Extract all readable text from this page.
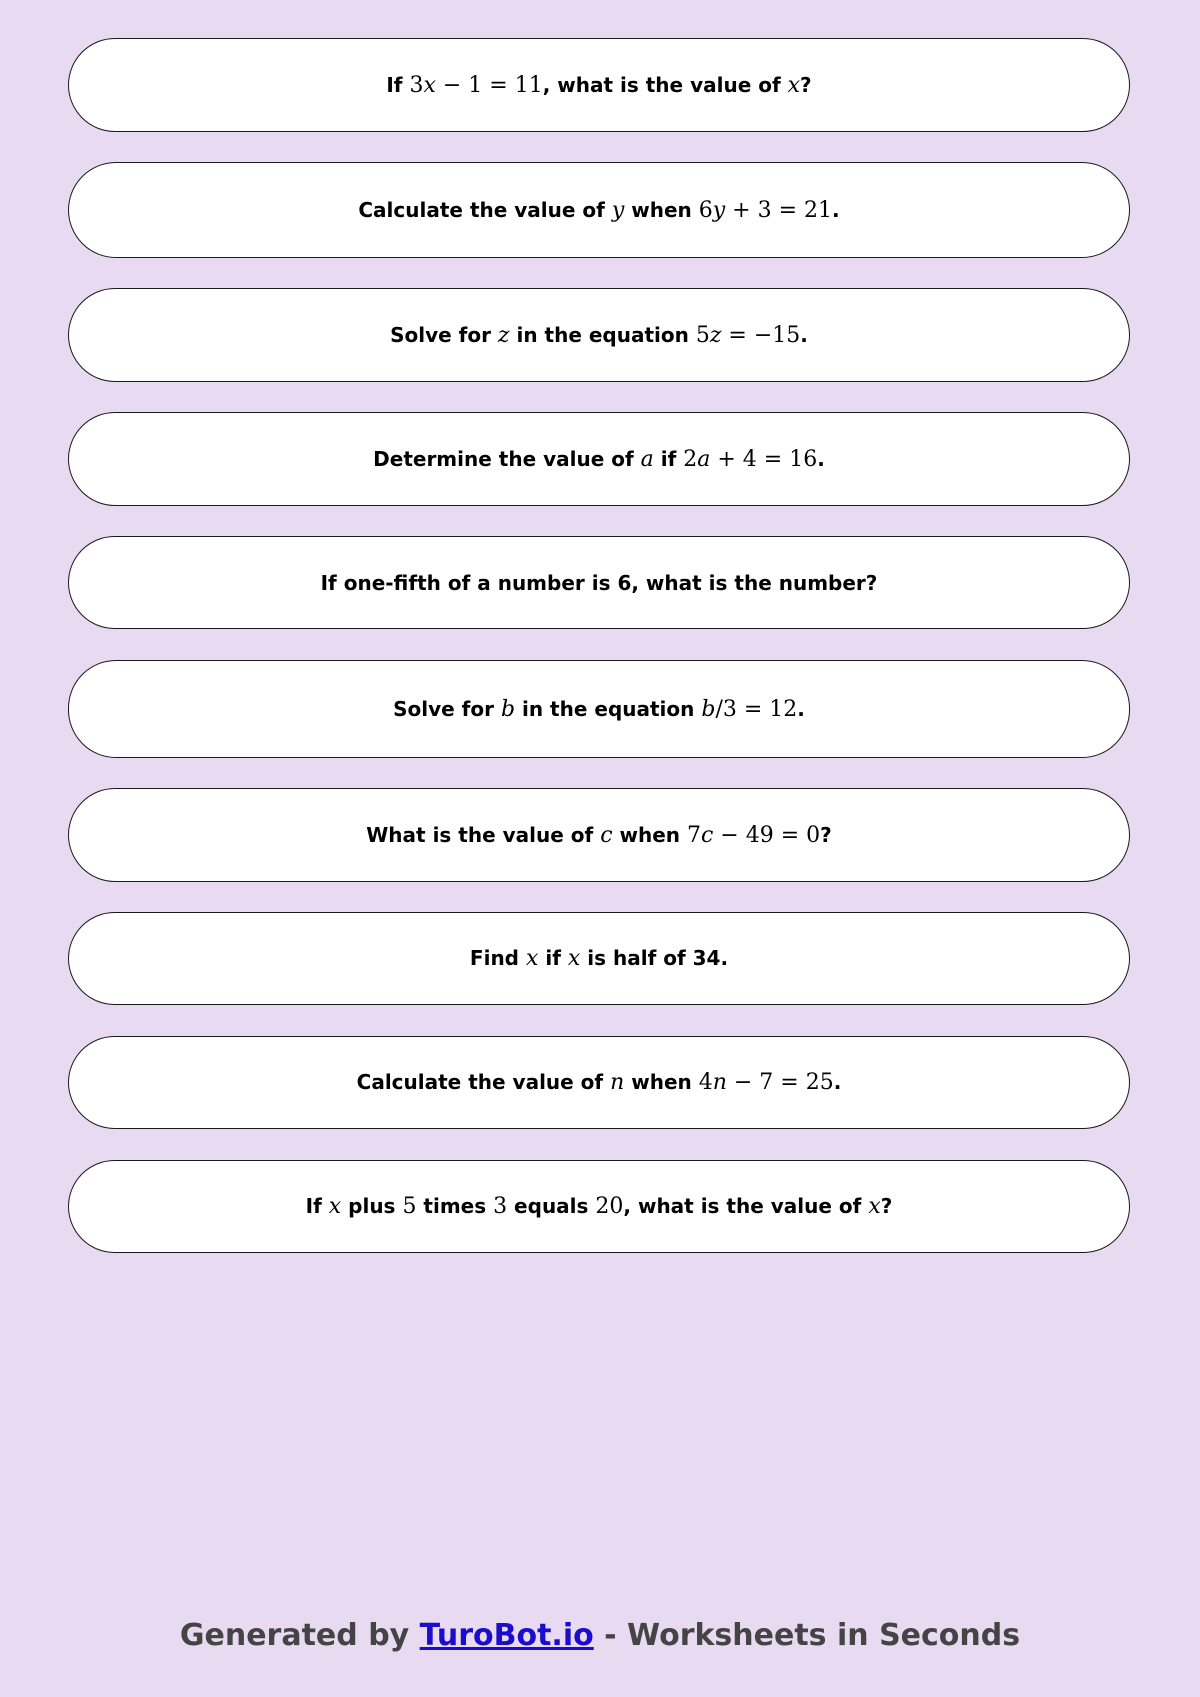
If 3x − 1 = 11, what is the value of x?
Calculate the value of y when 6y + 3 = 21.
Solve for z in the equation 5z = −15.
Determine the value of a if 2a + 4 = 16.
If one-fifth of a number is 6, what is the number?
Solve for b in the equation b/3 = 12.
What is the value of c when 7c − 49 = 0?
Find x if x is half of 34.
Calculate the value of n when 4n − 7 = 25.
If x plus 5 times 3 equals 20, what is the value of x?
Generated by TuroBot.io - Worksheets in Seconds
